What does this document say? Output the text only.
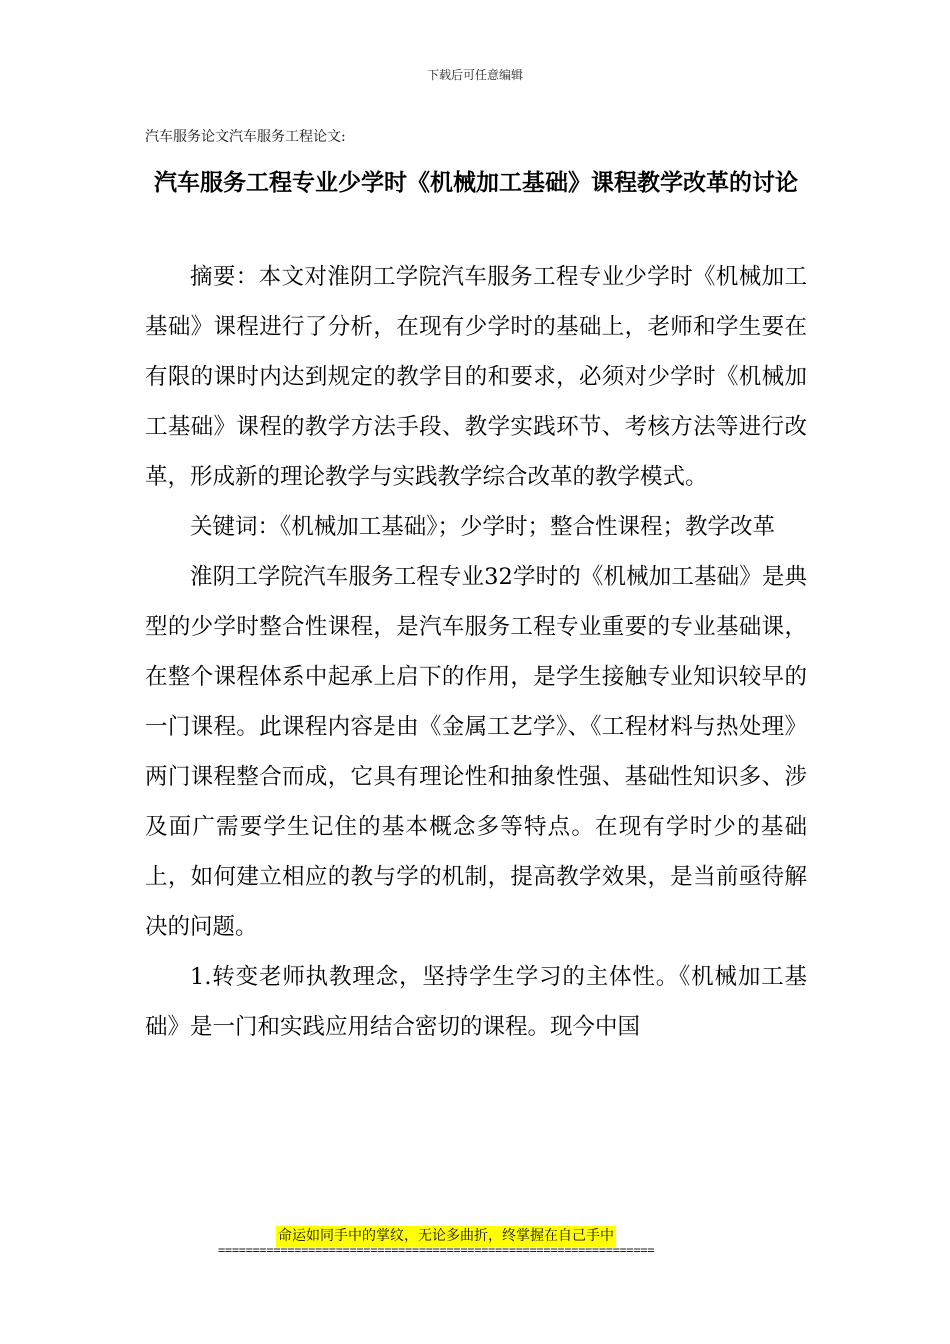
下载后可任意编辑
汽车服务论文汽车服务工程论文:
汽车服务工程专业少学时《机械加工基础》课程教学改革的讨论

摘要：本文对淮阴工学院汽车服务工程专业少学时《机械加工基础》课程进行了分析，在现有少学时的基础上，老师和学生要在有限的课时内达到规定的教学目的和要求，必须对少学时《机械加工基础》课程的教学方法手段、教学实践环节、考核方法等进行改革，形成新的理论教学与实践教学综合改革的教学模式。

关键词：《机械加工基础》；少学时；整合性课程；教学改革

淮阴工学院汽车服务工程专业32学时的《机械加工基础》是典型的少学时整合性课程，是汽车服务工程专业重要的专业基础课，在整个课程体系中起承上启下的作用，是学生接触专业知识较早的一门课程。此课程内容是由《金属工艺学》、《工程材料与热处理》两门课程整合而成，它具有理论性和抽象性强、基础性知识多、涉及面广需要学生记住的基本概念多等特点。在现有学时少的基础上，如何建立相应的教与学的机制，提高教学效果，是当前亟待解决的问题。

1.转变老师执教理念，坚持学生学习的主体性。《机械加工基础》是一门和实践应用结合密切的课程。现今中国

命运如同手中的掌纹，无论多曲折，终掌握在自己手中
===============================================================
